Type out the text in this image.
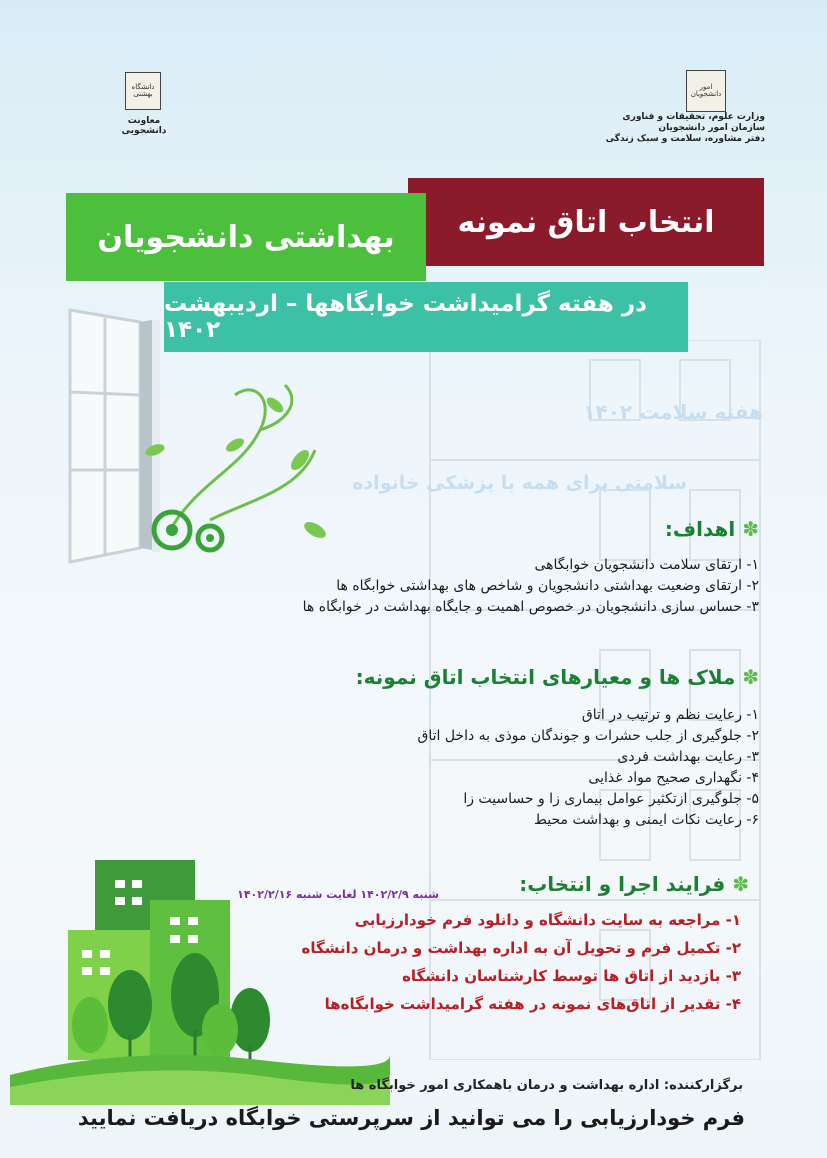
امور دانشجویان
وزارت علوم، تحقیقات و فناوری
سازمان امور دانشجویان
دفتر مشاوره، سلامت و سبک زندگی
دانشگاه بهشتی
معاونت دانشجویی
انتخاب اتاق نمونه
بهداشتی دانشجویان
در هفته گرامیداشت خوابگاهها – اردیبهشت ۱۴۰۲
هفته سلامت ۱۴۰۲
سلامتی برای همه با پزشکی خانواده
✽ اهداف:
۱- ارتقای سلامت دانشجویان خوابگاهی
۲- ارتقای وضعیت بهداشتی دانشجویان و شاخص های بهداشتی خوابگاه ها
۳- حساس سازی دانشجویان در خصوص اهمیت و جایگاه بهداشت در خوابگاه ها
✽ ملاک ها و معیارهای انتخاب اتاق نمونه:
۱- رعایت نظم و ترتیب در اتاق
۲- جلوگیری از جلب حشرات و جوندگان موذی به داخل اتاق
۳- رعایت بهداشت فردی
۴- نگهداری صحیح مواد غذایی
۵- جلوگیری ازتکثیر عوامل بیماری زا و حساسیت زا
۶- رعایت نکات ایمنی و بهداشت محیط
✽ فرایند اجرا و انتخاب:
شنبه ۱۴۰۲/۲/۹ لغایت شنبه ۱۴۰۲/۲/۱۶
۱- مراجعه به سایت دانشگاه و دانلود فرم خودارزیابی
۲- تکمیل فرم و تحویل آن به اداره بهداشت و درمان دانشگاه
۳- بازدید از اتاق ها توسط کارشناسان دانشگاه
۴- تقدیر از اتاق‌های نمونه در هفته گرامیداشت خوابگاه‌ها
برگزارکننده: اداره بهداشت و درمان باهمکاری امور خوابگاه ها
فرم خودارزیابی را می توانید از سرپرستی خوابگاه دریافت نمایید
